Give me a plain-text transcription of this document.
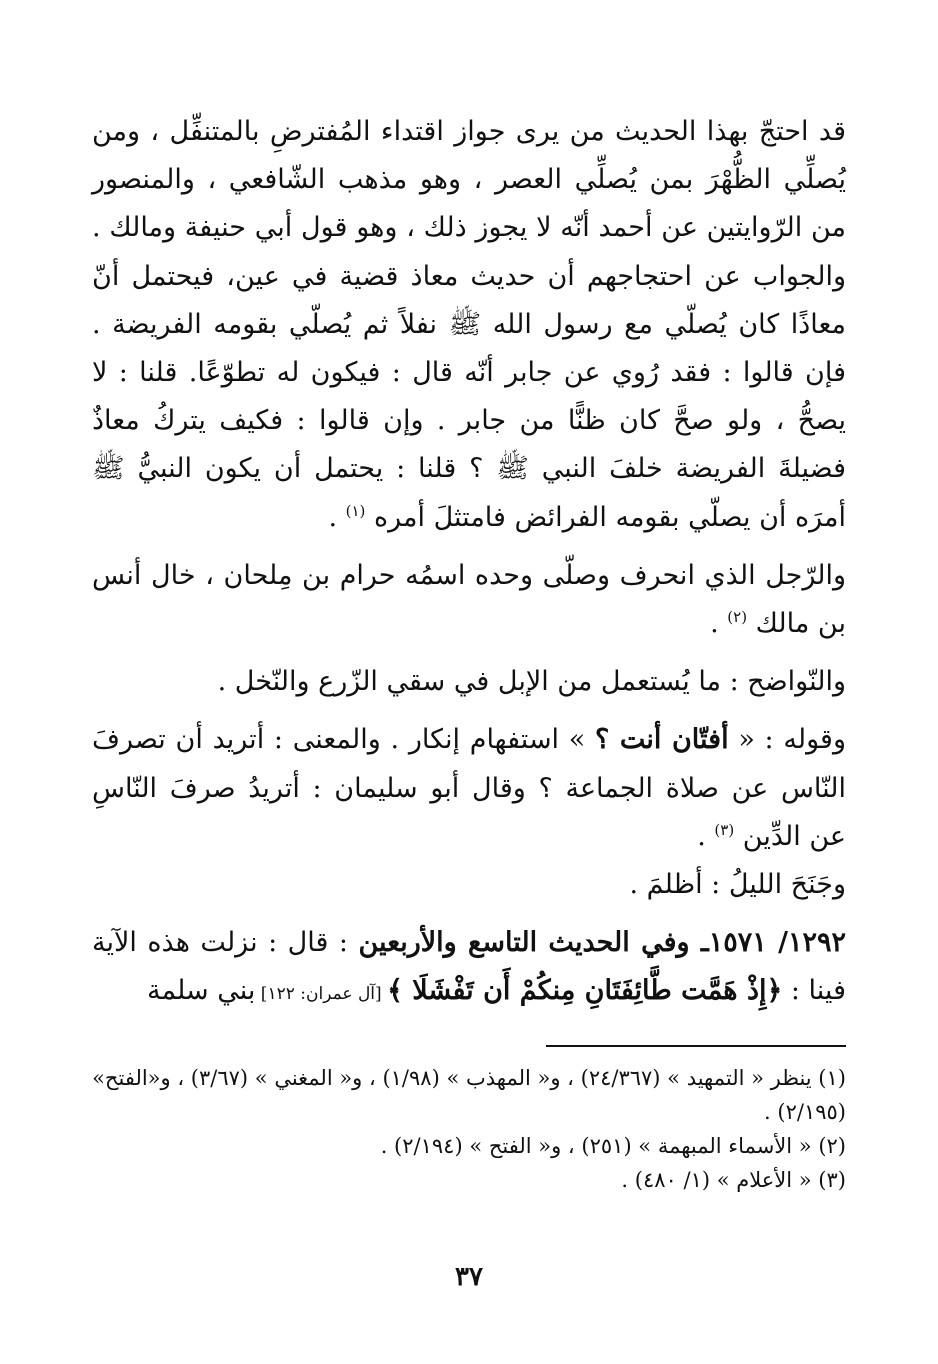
قد احتجّ بهذا الحديث من يرى جواز اقتداء المُفترضِ بالمتنفِّل ، ومن يُصلِّي الظُّهْرَ بمن يُصلِّي العصر ، وهو مذهب الشّافعي ، والمنصور من الرّوايتين عن أحمد أنّه لا يجوز ذلك ، وهو قول أبي حنيفة ومالك . والجواب عن احتجاجهم أن حديث معاذ قضية في عين، فيحتمل أنّ معاذًا كان يُصلّي مع رسول الله ﷺ نفلاً ثم يُصلّي بقومه الفريضة . فإن قالوا : فقد رُوي عن جابر أنّه قال : فيكون له تطوّعًا. قلنا : لا يصحُّ ، ولو صحَّ كان ظنًّا من جابر . وإن قالوا : فكيف يتركُ معاذٌ فضيلةَ الفريضة خلفَ النبي ﷺ ؟ قلنا : يحتمل أن يكون النبيُّ ﷺ أمرَه أن يصلّي بقومه الفرائض فامتثلَ أمره $^{(١)}$ .

والرّجل الذي انحرف وصلّى وحده اسمُه حرام بن مِلحان ، خال أنس بن مالك $^{(٢)}$ .

والنّواضح : ما يُستعمل من الإبل في سقي الزّرع والنّخل .

وقوله : « أفتّان أنت ؟ » استفهام إنكار . والمعنى : أتريد أن تصرفَ النّاس عن صلاة الجماعة ؟ وقال أبو سليمان : أتريدُ صرفَ النّاسِ عن الدِّين $^{(٣)}$ .

وجَنَحَ الليلُ : أظلمَ .

١٢٩٢/ ١٥٧١ـ وفي الحديث التاسع والأربعين : قال : نزلت هذه الآية فينا : ﴿إِذْ هَمَّت طَّائِفَتَانِ مِنكُمْ أَن تَفْشَلَا ﴾ [آل عمران: ١٢٢] بني سلمة

(١) ينظر « التمهيد » (٢٤/٣٦٧) ، و« المهذب » (١/٩٨) ، و« المغني » (٣/٦٧) ، و«الفتح» (٢/١٩٥) .

(٢) « الأسماء المبهمة » (٢٥١) ، و« الفتح » (٢/١٩٤) .

(٣) « الأعلام » (١/ ٤٨٠) .

٣٧
